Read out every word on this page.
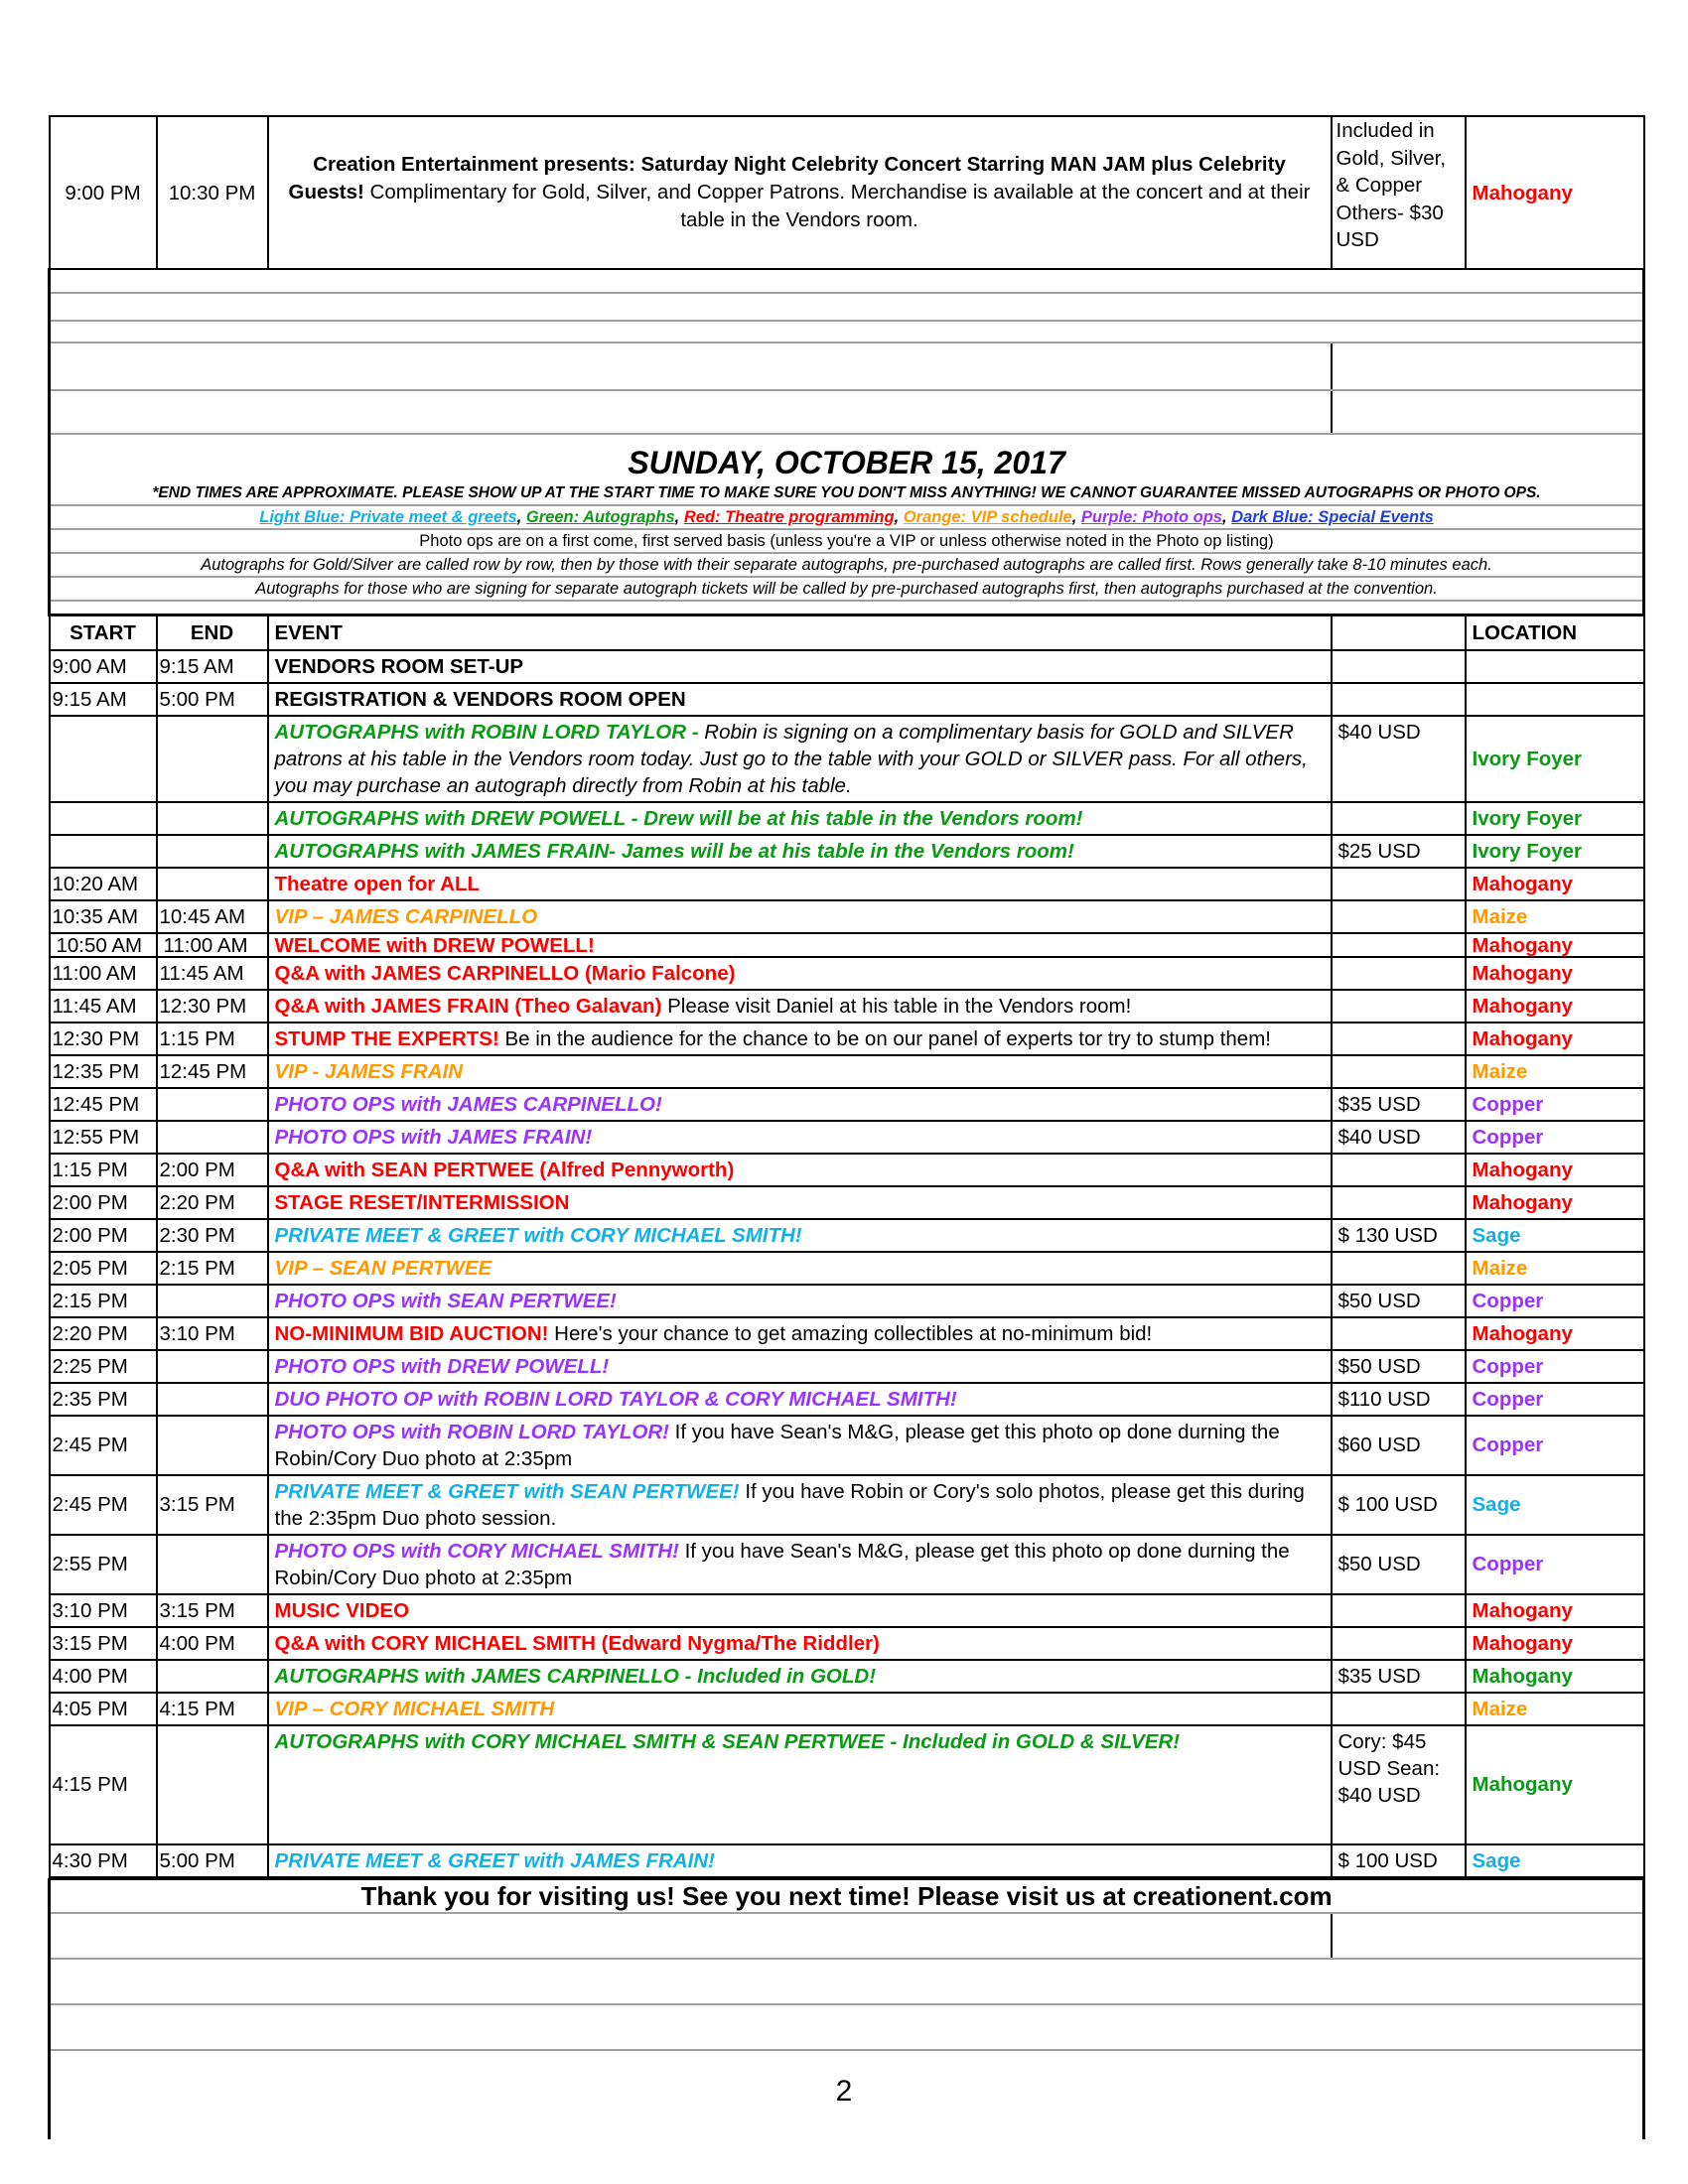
9:00 PM	10:30 PM	Creation Entertainment presents: Saturday Night Celebrity Concert Starring MAN JAM plus Celebrity Guests! Complimentary for Gold, Silver, and Copper Patrons. Merchandise is available at the concert and at their table in the Vendors room.	Included in Gold, Silver, & Copper Others- $30 USD	Mahogany

SUNDAY, OCTOBER 15, 2017				
*END TIMES ARE APPROXIMATE. PLEASE SHOW UP AT THE START TIME TO MAKE SURE YOU DON'T MISS ANYTHING! WE CANNOT GUARANTEE MISSED AUTOGRAPHS OR PHOTO OPS.				
Light Blue: Private meet & greets, Green: Autographs, Red: Theatre programming, Orange: VIP schedule, Purple: Photo ops, Dark Blue: Special Events				
Photo ops are on a first come, first served basis (unless you're a VIP or unless otherwise noted in the Photo op listing)				
Autographs for Gold/Silver are called row by row, then by those with their separate autographs, pre-purchased autographs are called first. Rows generally take 8-10 minutes each.				
Autographs for those who are signing for separate autograph tickets will be called by pre-purchased autographs first, then autographs purchased at the convention.				

START	END	EVENT		LOCATION
9:00 AM	9:15 AM	VENDORS ROOM SET-UP		
9:15 AM	5:00 PM	REGISTRATION & VENDORS ROOM OPEN		
		AUTOGRAPHS with ROBIN LORD TAYLOR - Robin is signing on a complimentary basis for GOLD and SILVER patrons at his table in the Vendors room today. Just go to the table with your GOLD or SILVER pass. For all others, you may purchase an autograph directly from Robin at his table.	$40 USD	Ivory Foyer
		AUTOGRAPHS with DREW POWELL - Drew will be at his table in the Vendors room!		Ivory Foyer
		AUTOGRAPHS with JAMES FRAIN- James will be at his table in the Vendors room!	$25 USD	Ivory Foyer
10:20 AM		Theatre open for ALL		Mahogany
10:35 AM	10:45 AM	VIP – JAMES CARPINELLO		Maize
10:50 AM	11:00 AM	WELCOME with DREW POWELL!		Mahogany
11:00 AM	11:45 AM	Q&A with JAMES CARPINELLO (Mario Falcone)		Mahogany
11:45 AM	12:30 PM	Q&A with JAMES FRAIN (Theo Galavan) Please visit Daniel at his table in the Vendors room!		Mahogany
12:30 PM	1:15 PM	STUMP THE EXPERTS! Be in the audience for the chance to be on our panel of experts tor try to stump them!		Mahogany
12:35 PM	12:45 PM	VIP - JAMES FRAIN		Maize
12:45 PM		PHOTO OPS with JAMES CARPINELLO!	$35 USD	Copper
12:55 PM		PHOTO OPS with JAMES FRAIN!	$40 USD	Copper
1:15 PM	2:00 PM	Q&A with SEAN PERTWEE (Alfred Pennyworth)		Mahogany
2:00 PM	2:20 PM	STAGE RESET/INTERMISSION		Mahogany
2:00 PM	2:30 PM	PRIVATE MEET & GREET with CORY MICHAEL SMITH!	$ 130 USD	Sage
2:05 PM	2:15 PM	VIP – SEAN PERTWEE		Maize
2:15 PM		PHOTO OPS with SEAN PERTWEE!	$50 USD	Copper
2:20 PM	3:10 PM	NO-MINIMUM BID AUCTION! Here's your chance to get amazing collectibles at no-minimum bid!		Mahogany
2:25 PM		PHOTO OPS with DREW POWELL!	$50 USD	Copper
2:35 PM		DUO PHOTO OP with ROBIN LORD TAYLOR & CORY MICHAEL SMITH!	$110 USD	Copper
2:45 PM		PHOTO OPS with ROBIN LORD TAYLOR! If you have Sean's M&G, please get this photo op done durning the Robin/Cory Duo photo at 2:35pm	$60 USD	Copper
2:45 PM	3:15 PM	PRIVATE MEET & GREET with SEAN PERTWEE! If you have Robin or Cory's solo photos, please get this during the 2:35pm Duo photo session.	$ 100 USD	Sage
2:55 PM		PHOTO OPS with CORY MICHAEL SMITH! If you have Sean's M&G, please get this photo op done durning the Robin/Cory Duo photo at 2:35pm	$50 USD	Copper
3:10 PM	3:15 PM	MUSIC VIDEO		Mahogany
3:15 PM	4:00 PM	Q&A with CORY MICHAEL SMITH (Edward Nygma/The Riddler)		Mahogany
4:00 PM		AUTOGRAPHS with JAMES CARPINELLO - Included in GOLD!	$35 USD	Mahogany
4:05 PM	4:15 PM	VIP – CORY MICHAEL SMITH		Maize
4:15 PM		AUTOGRAPHS with CORY MICHAEL SMITH & SEAN PERTWEE - Included in GOLD & SILVER!	Cory: $45 USD Sean: $40 USD	Mahogany
4:30 PM	5:00 PM	PRIVATE MEET & GREET with JAMES FRAIN!	$ 100 USD	Sage
Thank you for visiting us! See you next time! Please visit us at creationent.com

2
